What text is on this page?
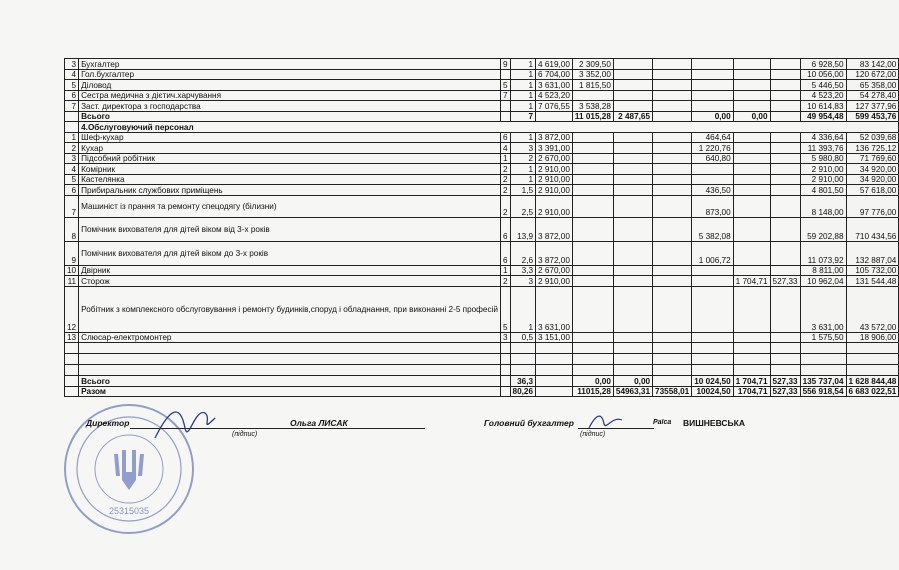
3	Бухгалтер	9	1	4 619,00	2 309,50						6 928,50	83 142,00
4	Гол.бухгалтер		1	6 704,00	3 352,00						10 056,00	120 672,00
5	Діловод	5	1	3 631,00	1 815,50						5 446,50	65 358,00
6	Сестра медична з дієтич.харчування	7	1	4 523,20							4 523,20	54 278,40
7	Заст. директора з господарства		1	7 076,55	3 538,28						10 614,83	127 377,96
	Всього		7		11 015,28	2 487,65		0,00	0,00		49 954,48	599 453,76
	4.Обслуговуючий персонал											
1	Шеф-кухар	6	1	3 872,00				464,64			4 336,64	52 039,68
2	Кухар	4	3	3 391,00				1 220,76			11 393,76	136 725,12
3	Підсобний робітник	1	2	2 670,00				640,80			5 980,80	71 769,60
4	Комірник	2	1	2 910,00							2 910,00	34 920,00
5	Кастелянка	2	1	2 910,00							2 910,00	34 920,00
6	Прибиральник службових приміщень	2	1,5	2 910,00				436,50			4 801,50	57 618,00
7	Машиніст із прання та ремонту спецодягу (білизни)	2	2,5	2 910,00				873,00			8 148,00	97 776,00
8	Помічник вихователя для дітей віком від 3-х років	6	13,9	3 872,00				5 382,08			59 202,88	710 434,56
9	Помічник вихователя для дітей віком до 3-х років	6	2,6	3 872,00				1 006,72			11 073,92	132 887,04
10	Двірник	1	3,3	2 670,00							8 811,00	105 732,00
11	Сторож	2	3	2 910,00					1 704,71	527,33	10 962,04	131 544,48
12	Робітник з комплексного обслуговування і ремонту будинків,споруд і обладнання, при виконанні 2-5 професій	5	1	3 631,00							3 631,00	43 572,00
13	Слюсар-електромонтер	3	0,5	3 151,00							1 575,50	18 906,00

	Всього		36,3		0,00	0,00		10 024,50	1 704,71	527,33	135 737,04	1 628 844,48
	Разом		80,26		11015,28	54963,31	73558,01	10024,50	1704,71	527,33	556 918,54	6 683 022,51
25315035
Директор	Ольга ЛИСАК
(підпис)
Головний бухгалтер	Раїса ВИШНЕВСЬКА
(підпис)
